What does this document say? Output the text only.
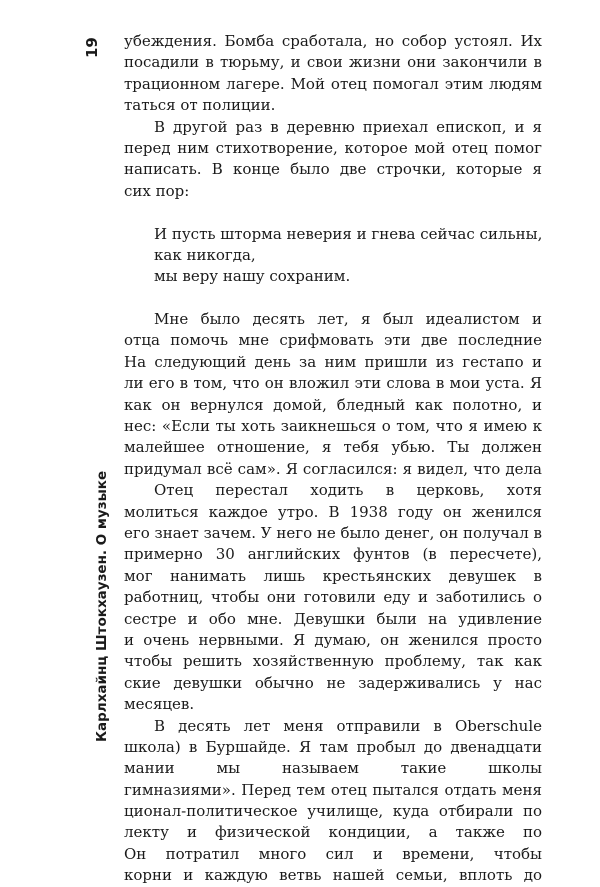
19
Карлхайнц Штокхаузен. О музыке
убеждения. Бомба сработала, но собор устоял. Их
посадили в тюрьму, и свои жизни они закончили в
трационном лагере. Мой отец помогал этим людям
таться от полиции.
В другой раз в деревню приехал епископ, и я
перед ним стихотворение, которое мой отец помог
написать. В конце было две строчки, которые я
сих пор:
И пусть шторма неверия и гнева сейчас сильны,
как никогда,
мы веру нашу сохраним.
Мне было десять лет, я был идеалистом и
отца помочь мне срифмовать эти две последние
На следующий день за ним пришли из гестапо и
ли его в том, что он вложил эти слова в мои уста. Я
как он вернулся домой, бледный как полотно, и
нес: «Если ты хоть заикнешься о том, что я имею к
малейшее отношение, я тебя убью. Ты должен
придумал всё сам». Я согласился: я видел, что дела
Отец перестал ходить в церковь, хотя
молиться каждое утро. В 1938 году он женился
его знает зачем. У него не было денег, он получал в
примерно 30 английских фунтов (в пересчете),
мог нанимать лишь крестьянских девушек в
работниц, чтобы они готовили еду и заботились о
сестре и обо мне. Девушки были на удивление
и очень нервными. Я думаю, он женился просто
чтобы решить хозяйственную проблему, так как
ские девушки обычно не задерживались у нас
месяцев.
В десять лет меня отправили в Oberschule
школа) в Буршайде. Я там пробыл до двенадцати
мании мы называем такие школы
гимназиями». Перед тем отец пытался отдать меня
ционал-политическое училище, куда отбирали по
лекту и физической кондиции, а также по
Он потратил много сил и времени, чтобы
корни и каждую ветвь нашей семьи, вплоть до
